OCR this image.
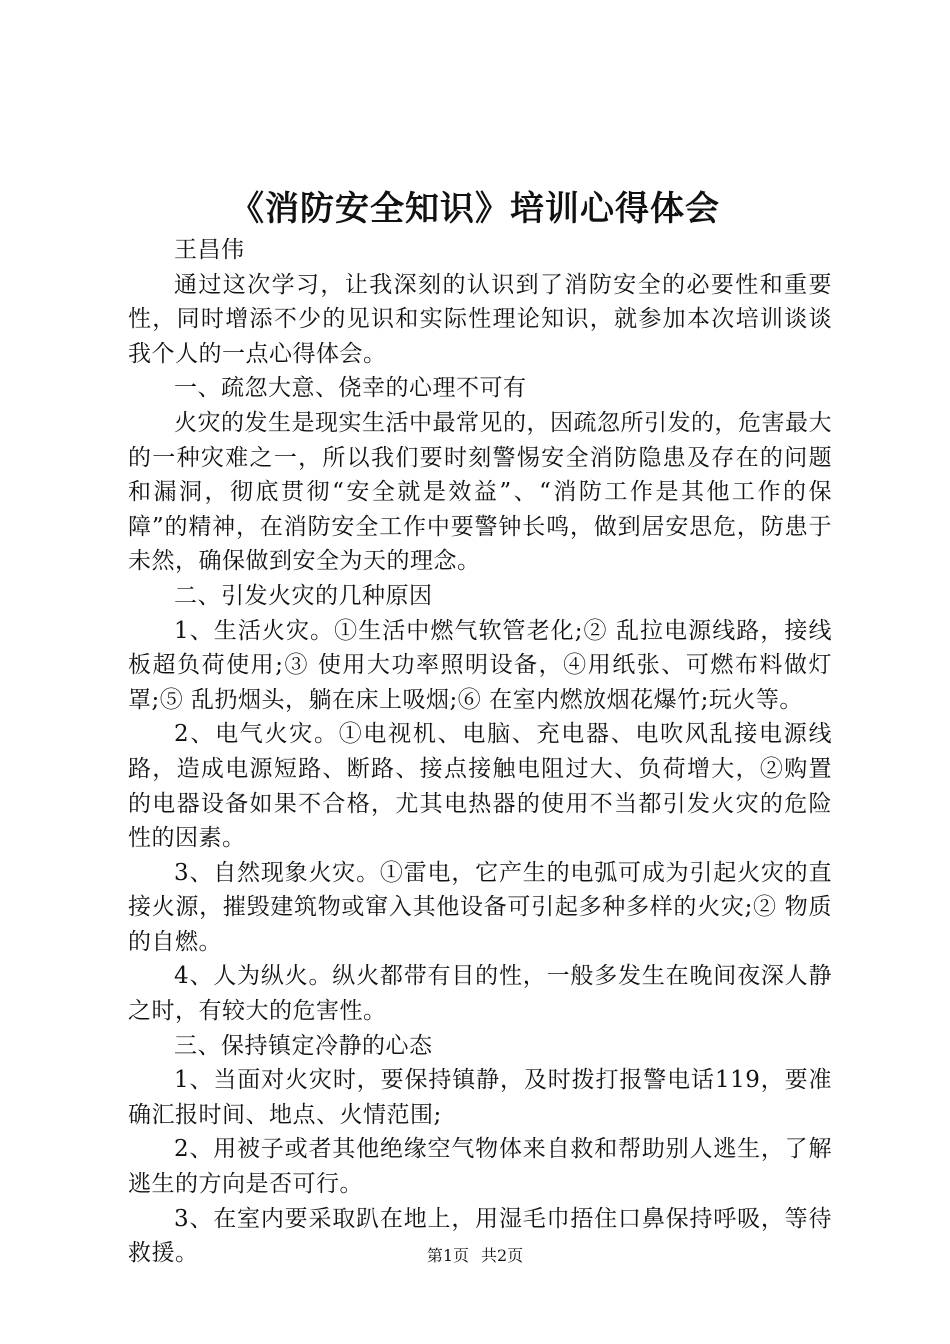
《消防安全知识》培训心得体会

王昌伟

通过这次学习，让我深刻的认识到了消防安全的必要性和重要性，同时增添不少的见识和实际性理论知识，就参加本次培训谈谈我个人的一点心得体会。

一、疏忽大意、侥幸的心理不可有

火灾的发生是现实生活中最常见的，因疏忽所引发的，危害最大的一种灾难之一，所以我们要时刻警惕安全消防隐患及存在的问题和漏洞，彻底贯彻“安全就是效益”、“消防工作是其他工作的保障”的精神，在消防安全工作中要警钟长鸣，做到居安思危，防患于未然，确保做到安全为天的理念。

二、引发火灾的几种原因

1、生活火灾。①生活中燃气软管老化;② 乱拉电源线路，接线板超负荷使用;③ 使用大功率照明设备，④用纸张、可燃布料做灯罩;⑤ 乱扔烟头，躺在床上吸烟;⑥ 在室内燃放烟花爆竹;玩火等。

2、电气火灾。①电视机、电脑、充电器、电吹风乱接电源线路，造成电源短路、断路、接点接触电阻过大、负荷增大，②购置的电器设备如果不合格，尤其电热器的使用不当都引发火灾的危险性的因素。

3、自然现象火灾。①雷电，它产生的电弧可成为引起火灾的直接火源，摧毁建筑物或窜入其他设备可引起多种多样的火灾;② 物质的自燃。

4、人为纵火。纵火都带有目的性，一般多发生在晚间夜深人静之时，有较大的危害性。

三、保持镇定冷静的心态

1、当面对火灾时，要保持镇静，及时拨打报警电话119，要准确汇报时间、地点、火情范围;

2、用被子或者其他绝缘空气物体来自救和帮助别人逃生，了解逃生的方向是否可行。

3、在室内要采取趴在地上，用湿毛巾捂住口鼻保持呼吸，等待救援。	第1页 共2页
